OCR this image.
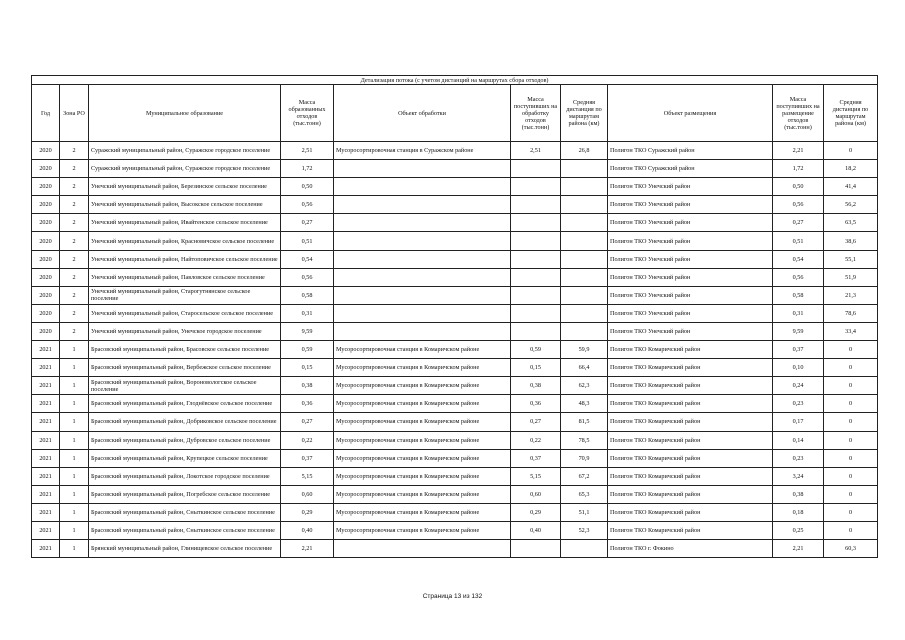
Детализация потока (с учетом дистанций на маршрутах сбора отходов)									
Год	Зона РО	Муниципальное образование	Масса образованных отходов (тыс.тонн)	Объект обработки	Масса поступивших на обработку отходов (тыс.тонн)	Средняя дистанция по маршрутам района (км)	Объект размещения	Масса поступивших на размещение отходов (тыс.тонн)	Средняя дистанция по маршрутам района (км)
2020	2	Суражский муниципальный район, Суражское городское поселение	2,51	Мусоросортировочная станция в Суражском районе	2,51	26,8	Полигон ТКО Суражский район	2,21	0
2020	2	Суражский муниципальный район, Суражское городское поселение	1,72				Полигон ТКО Суражский район	1,72	18,2
2020	2	Унечский муниципальный район, Березинское сельское поселение	0,50				Полигон ТКО Унечский район	0,50	41,4
2020	2	Унечский муниципальный район, Высокское сельское поселение	0,56				Полигон ТКО Унечский район	0,56	56,2
2020	2	Унечский муниципальный район, Ивайтенское сельское поселение	0,27				Полигон ТКО Унечский район	0,27	63,5
2020	2	Унечский муниципальный район, Красновичское сельское поселение	0,51				Полигон ТКО Унечский район	0,51	38,6
2020	2	Унечский муниципальный район, Найтоповичское сельское поселение	0,54				Полигон ТКО Унечский район	0,54	55,1
2020	2	Унечский муниципальный район, Павловское сельское поселение	0,56				Полигон ТКО Унечский район	0,56	51,9
2020	2	Унечский муниципальный район, Старогутнянское сельское поселение	0,58				Полигон ТКО Унечский район	0,58	21,3
2020	2	Унечский муниципальный район, Старосельское сельское поселение	0,31				Полигон ТКО Унечский район	0,31	78,6
2020	2	Унечский муниципальный район, Унечское городское поселение	9,59				Полигон ТКО Унечский район	9,59	33,4
2021	1	Брасовский муниципальный район, Брасовское сельское поселение	0,59	Мусоросортировочная станция в Комаричском районе	0,59	59,9	Полигон ТКО Комаричский район	0,37	0
2021	1	Брасовский муниципальный район, Вербежское сельское поселение	0,15	Мусоросортировочная станция в Комаричском районе	0,15	66,4	Полигон ТКО Комаричский район	0,10	0
2021	1	Брасовский муниципальный район, Вороновологское сельское поселение	0,38	Мусоросортировочная станция в Комаричском районе	0,38	62,3	Полигон ТКО Комаричский район	0,24	0
2021	1	Брасовский муниципальный район, Глоднёвское сельское поселение	0,36	Мусоросортировочная станция в Комаричском районе	0,36	48,3	Полигон ТКО Комаричский район	0,23	0
2021	1	Брасовский муниципальный район, Добриковское сельское поселение	0,27	Мусоросортировочная станция в Комаричском районе	0,27	81,5	Полигон ТКО Комаричский район	0,17	0
2021	1	Брасовский муниципальный район, Дубровское сельское поселение	0,22	Мусоросортировочная станция в Комаричском районе	0,22	78,5	Полигон ТКО Комаричский район	0,14	0
2021	1	Брасовский муниципальный район, Крупецкое сельское поселение	0,37	Мусоросортировочная станция в Комаричском районе	0,37	70,9	Полигон ТКО Комаричский район	0,23	0
2021	1	Брасовский муниципальный район, Локотское городское поселение	5,15	Мусоросортировочная станция в Комаричском районе	5,15	67,2	Полигон ТКО Комаричский район	3,24	0
2021	1	Брасовский муниципальный район, Погребское сельское поселение	0,60	Мусоросортировочная станция в Комаричском районе	0,60	65,3	Полигон ТКО Комаричский район	0,38	0
2021	1	Брасовский муниципальный район, Сныткинское сельское поселение	0,29	Мусоросортировочная станция в Комаричском районе	0,29	51,1	Полигон ТКО Комаричский район	0,18	0
2021	1	Брасовский муниципальный район, Сныткинское сельское поселение	0,40	Мусоросортировочная станция в Комаричском районе	0,40	52,3	Полигон ТКО Комаричский район	0,25	0
2021	1	Брянский муниципальный район, Глинищевское сельское поселение	2,21				Полигон ТКО г. Фокино	2,21	60,3
Страница 13 из 132
